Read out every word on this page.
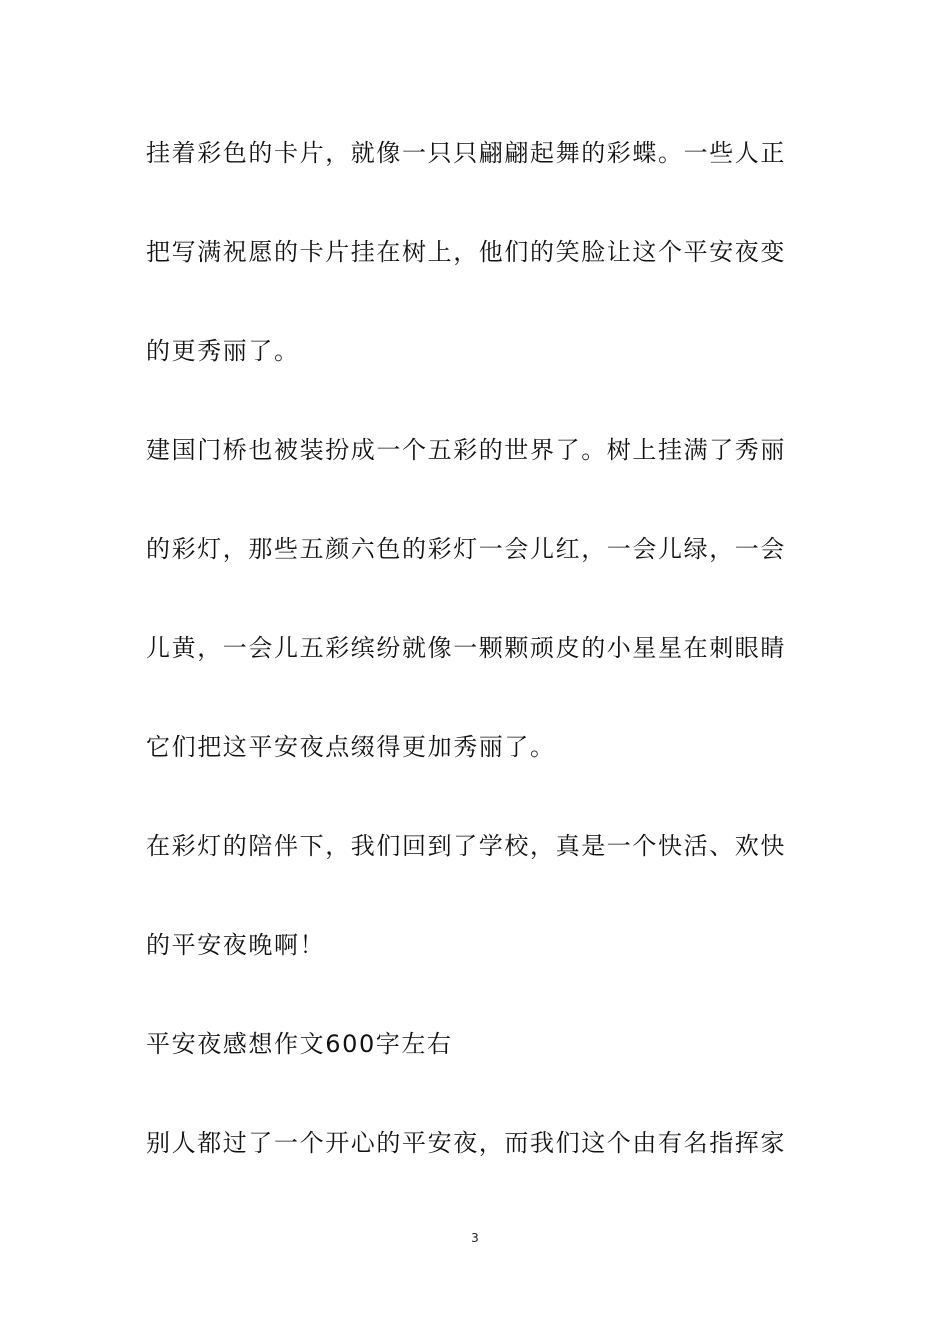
挂着彩色的卡片，就像一只只翩翩起舞的彩蝶。一些人正
把写满祝愿的卡片挂在树上，他们的笑脸让这个平安夜变
的更秀丽了。
建国门桥也被装扮成一个五彩的世界了。树上挂满了秀丽
的彩灯，那些五颜六色的彩灯一会儿红，一会儿绿，一会
儿黄，一会儿五彩缤纷就像一颗颗顽皮的小星星在刺眼睛
它们把这平安夜点缀得更加秀丽了。
在彩灯的陪伴下，我们回到了学校，真是一个快活、欢快
的平安夜晚啊！
平安夜感想作文600字左右
别人都过了一个开心的平安夜，而我们这个由有名指挥家
3
